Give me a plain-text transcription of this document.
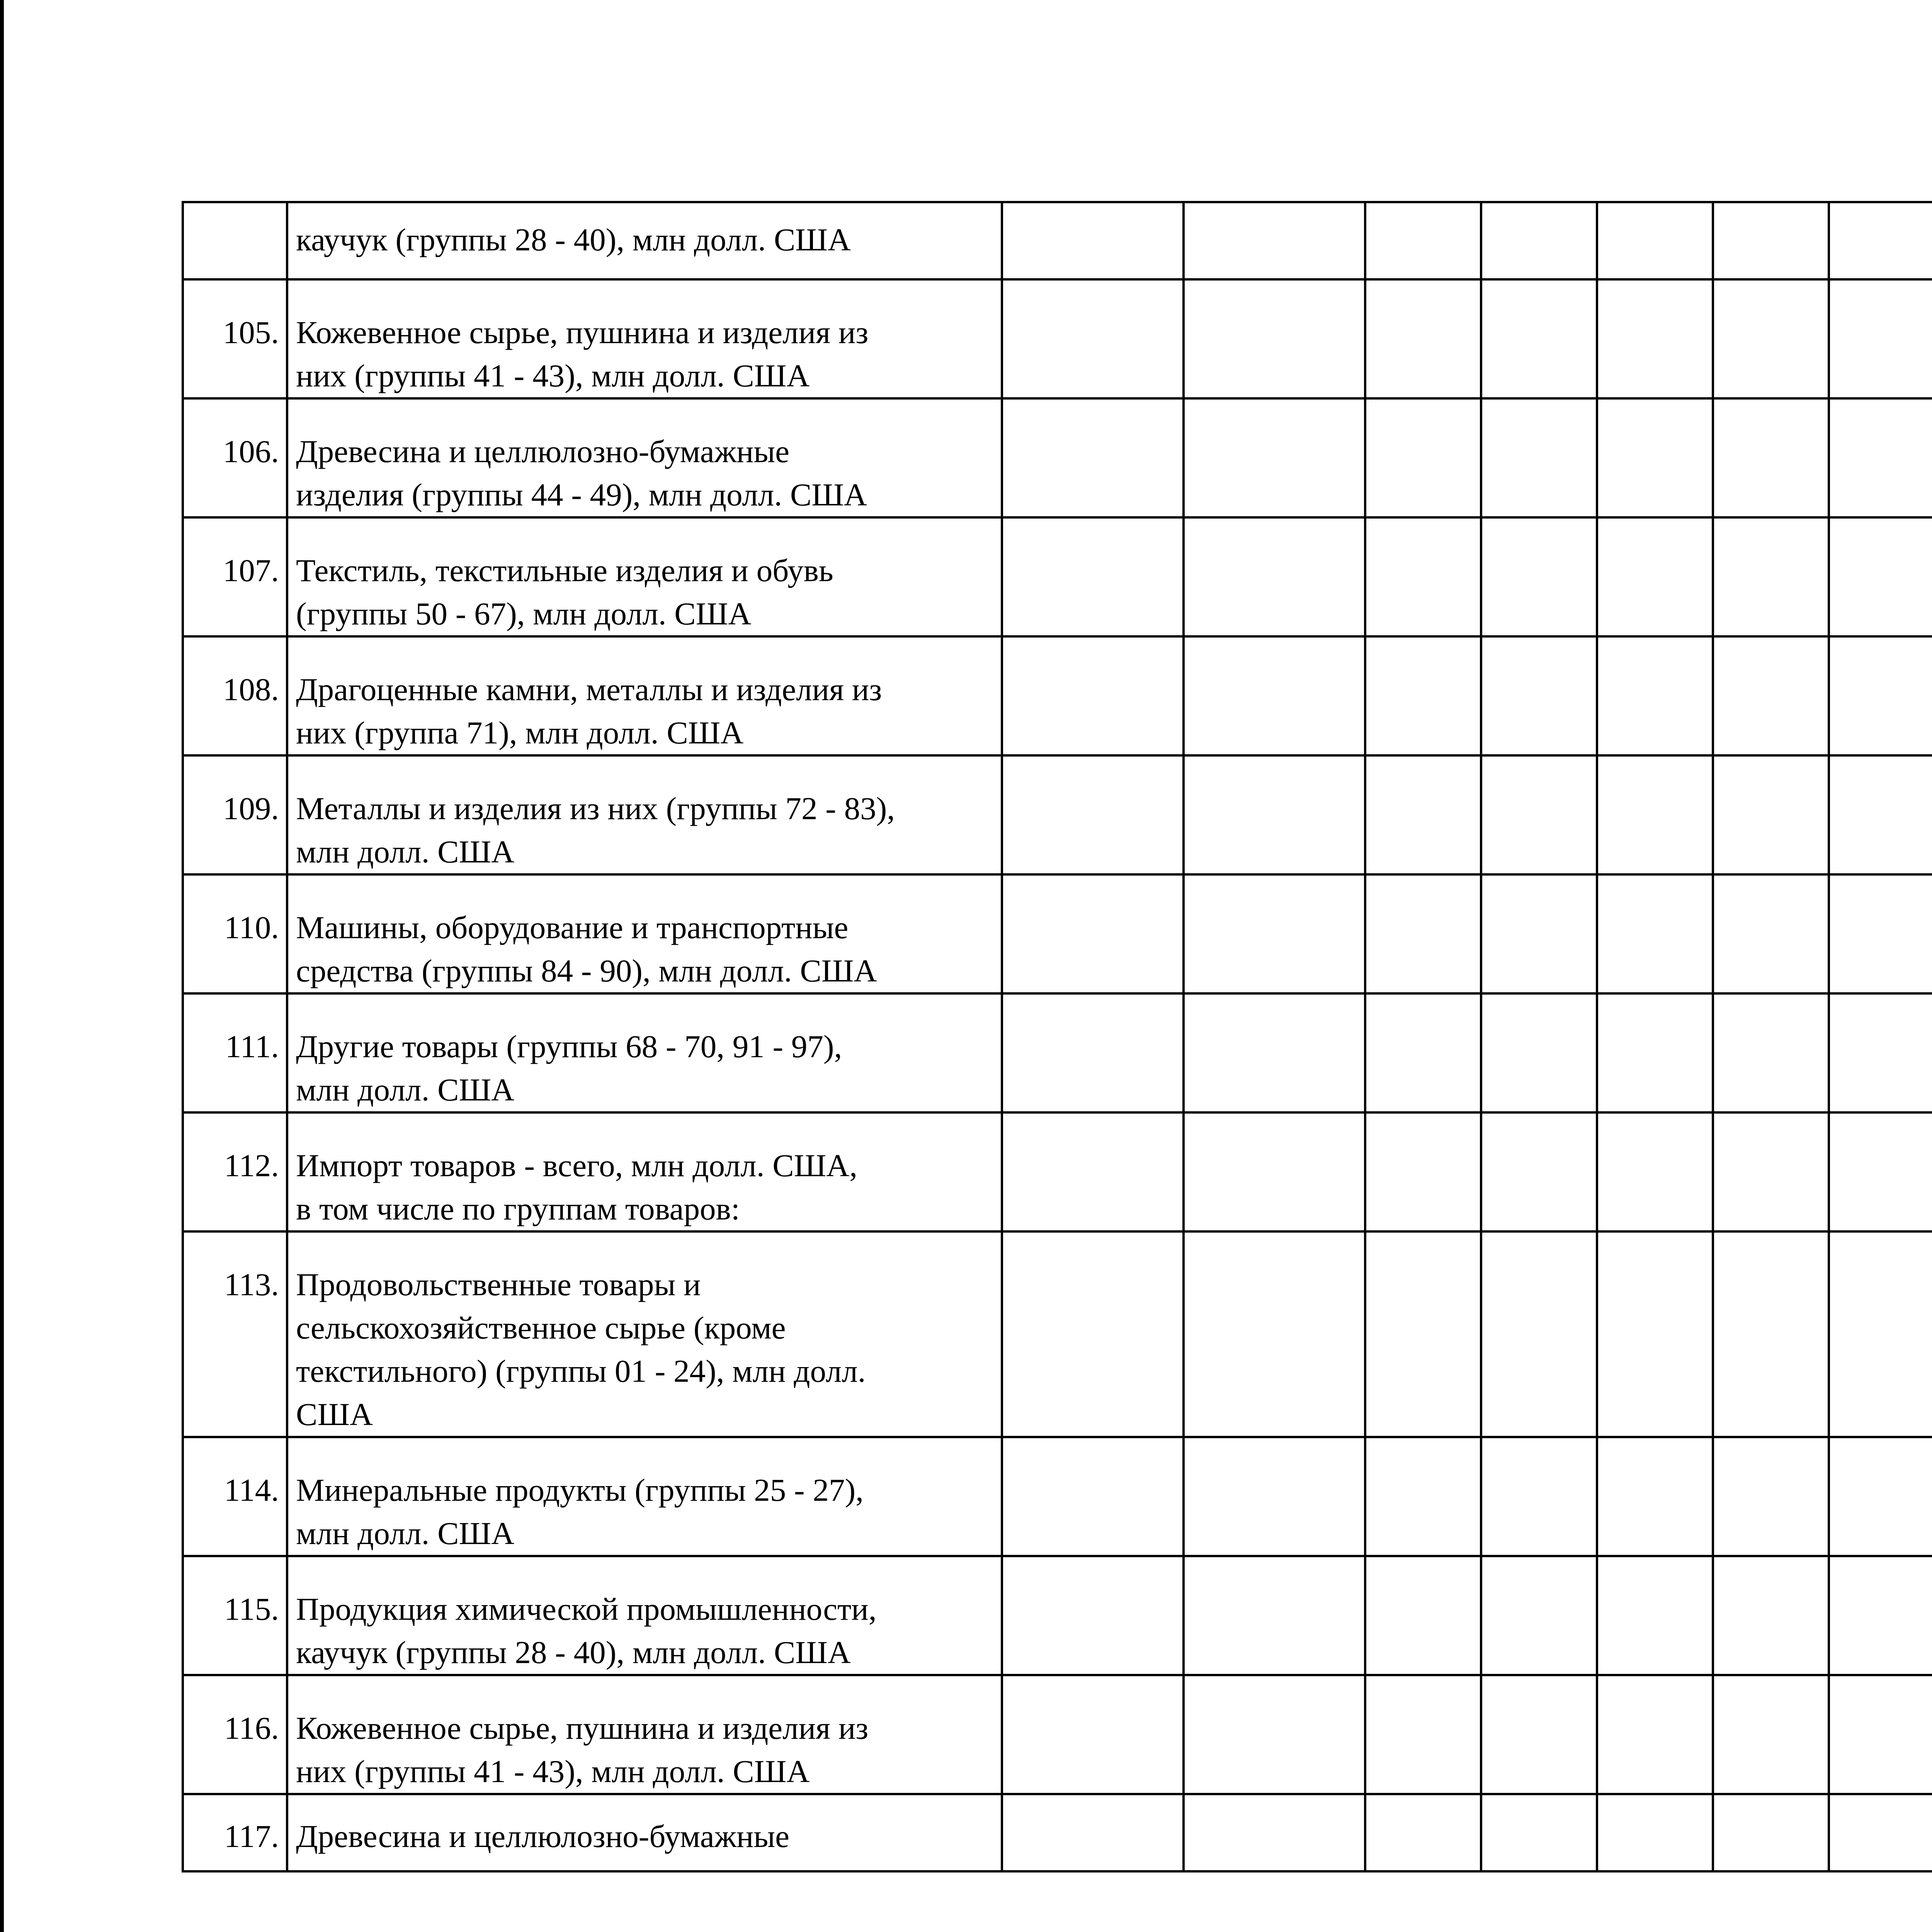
	каучук (группы 28 - 40), млн долл. США														
105.	Кожевенное сырье, пушнина и изделия из
них (группы 41 - 43), млн долл. США														
106.	Древесина и целлюлозно-бумажные
изделия (группы 44 - 49), млн долл. США														
107.	Текстиль, текстильные изделия и обувь
(группы 50 - 67), млн долл. США														
108.	Драгоценные камни, металлы и изделия из
них (группа 71), млн долл. США														
109.	Металлы и изделия из них (группы 72 - 83),
млн долл. США														
110.	Машины, оборудование и транспортные
средства (группы 84 - 90), млн долл. США														
111.	Другие товары (группы 68 - 70, 91 - 97),
млн долл. США														
112.	Импорт товаров - всего, млн долл. США,
в том числе по группам товаров:														
113.	Продовольственные товары и
сельскохозяйственное сырье (кроме
текстильного) (группы 01 - 24), млн долл.
США														
114.	Минеральные продукты (группы 25 - 27),
млн долл. США														
115.	Продукция химической промышленности,
каучук (группы 28 - 40), млн долл. США														
116.	Кожевенное сырье, пушнина и изделия из
них (группы 41 - 43), млн долл. США														
117.	Древесина и целлюлозно-бумажные														
